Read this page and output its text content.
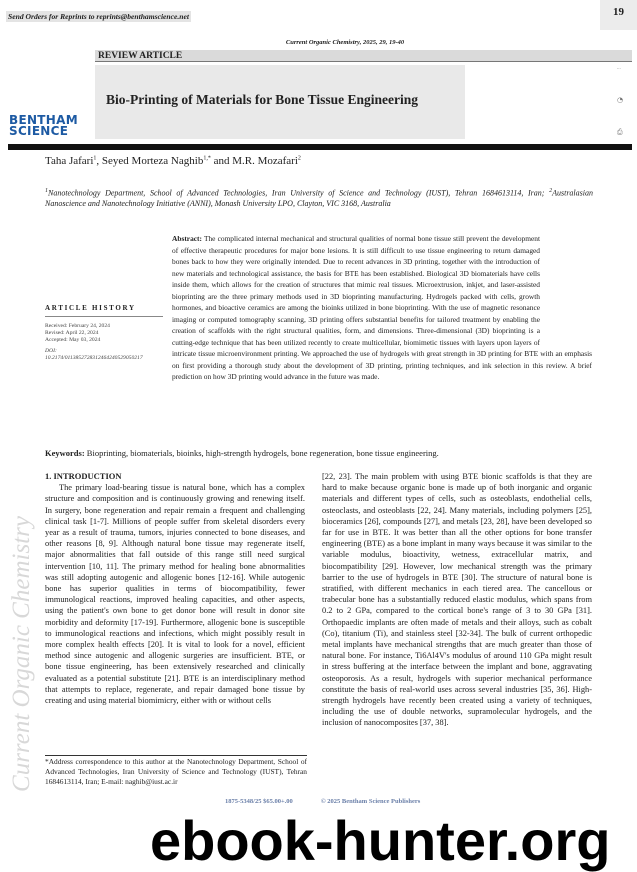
Send Orders for Reprints to reprints@benthamscience.net	19
Current Organic Chemistry, 2025, 29, 19-40
REVIEW ARTICLE
Bio-Printing of Materials for Bone Tissue Engineering
BENTHAM
SCIENCE
···
◔
⎙
Taha Jafari$^1$, Seyed Morteza Naghib$^{1,*}$ and M.R. Mozafari$^2$
$^1$Nanotechnology Department, School of Advanced Technologies, Iran University of Science and Technology (IUST), Tehran 1684613114, Iran; $^2$Australasian Nanoscience and Nanotechnology Initiative (ANNI), Monash University LPO, Clayton, VIC 3168, Australia
Abstract: The complicated internal mechanical and structural qualities of normal bone tissue still prevent the development of effective therapeutic procedures for major bone lesions. It is still difficult to use tissue engineering to return damaged bones back to how they were originally intended. Due to recent advances in 3D printing, together with the introduction of new materials and technological assistance, the basis for BTE has been established. Biological 3D biomaterials have cells inside them, which allows for the creation of structures that mimic real tissues. Microextrusion, inkjet, and laser-assisted bioprinting are the three primary methods used in 3D bioprinting manufacturing. Hydrogels packed with cells, growth hormones, and bioactive ceramics are among the bioinks utilized in bone bioprinting. With the use of magnetic resonance imaging or computed tomography scanning, 3D printing offers substantial benefits for tailored treatment by enabling the creation of scaffolds with the right structural qualities, form, and dimensions. Three-dimensional (3D) bioprinting is a cutting-edge technique that has been utilized recently to create multicellular, biomimetic tissues with layers upon layers of intricate tissue microenvironment printing. We approached the use of hydrogels with great strength in 3D printing for BTE with an emphasis on first providing a thorough study about the development of 3D printing, printing techniques, and ink selection in this review. A brief prediction on how 3D printing would advance in the future was made.
ARTICLE HISTORY
Received: February 24, 2024
Revised: April 22, 2024
Accepted: May 03, 2024
DOI:
10.2174/0113852728312464240529050217
Keywords: Bioprinting, biomaterials, bioinks, high-strength hydrogels, bone regeneration, bone tissue engineering.
1. INTRODUCTION
The primary load-bearing tissue is natural bone, which has a complex structure and composition and is continuously growing and renewing itself. In surgery, bone regeneration and repair remain a frequent and challenging clinical task [1-7]. Millions of people suffer from skeletal disorders every year as a result of trauma, tumors, injuries connected to bone diseases, and other reasons [8, 9]. Although natural bone tissue may regenerate itself, major abnormalities that fall outside of this range still need surgical intervention [10, 11]. The primary method for healing bone abnormalities was still adopting autogenic and allogenic bones [12-16]. While autogenic bone has superior qualities in terms of biocompatibility, fewer immunological reactions, improved healing capacities, and other aspects, using the patient's own bone to get donor bone will result in donor site morbidity and deformity [17-19]. Furthermore, allogenic bone is susceptible to immunological reactions and infections, which might possibly result in more complex health effects [20]. It is vital to look for a novel, efficient method since autogenic and allogenic surgeries are insufficient. BTE, or bone tissue engineering, has been extensively researched and clinically evaluated as a potential substitute [21]. BTE is an interdisciplinary method that attempts to replace, regenerate, and repair damaged bone tissue by creating and using material biomimicry, either with or without cells
[22, 23]. The main problem with using BTE bionic scaffolds is that they are hard to make because organic bone is made up of both inorganic and organic materials and different types of cells, such as osteoblasts, endothelial cells, osteoclasts, and osteoblasts [22, 24]. Many materials, including polymers [25], bioceramics [26], compounds [27], and metals [23, 28], have been developed so far for use in BTE. It was better than all the other options for bone transfer engineering (BTE) as a bone implant in many ways because it was similar to the variable modulus, bioactivity, wetness, extracellular matrix, and biocompatibility [29]. However, low mechanical strength was the primary barrier to the use of hydrogels in BTE [30]. The structure of natural bone is stratified, with different mechanics in each tiered area. The cancellous or trabecular bone has a substantially reduced elastic modulus, which spans from 0.2 to 2 GPa, compared to the cortical bone's range of 3 to 30 GPa [31]. Orthopaedic implants are often made of metals and their alloys, such as cobalt (Co), titanium (Ti), and stainless steel [32-34]. The bulk of current orthopedic metal implants have mechanical strengths that are much greater than those of natural bone. For instance, Ti6Al4V's modulus of around 110 GPa might result in stress buffering at the interface between the implant and bone, aggravating osteoporosis. As a result, hydrogels with superior mechanical performance constitute the basis of real-world uses across several industries [35, 36]. High-strength hydrogels have recently been created using a variety of techniques, including the use of double networks, supramolecular hydrogels, and the inclusion of nanocomposites [37, 38].
*Address correspondence to this author at the Nanotechnology Department, School of Advanced Technologies, Iran University of Science and Technology (IUST), Tehran 1684613114, Iran; E-mail: naghib@iust.ac.ir
1875-5348/25 $65.00+.00	© 2025 Bentham Science Publishers
Current Organic Chemistry
ebook-hunter.org
